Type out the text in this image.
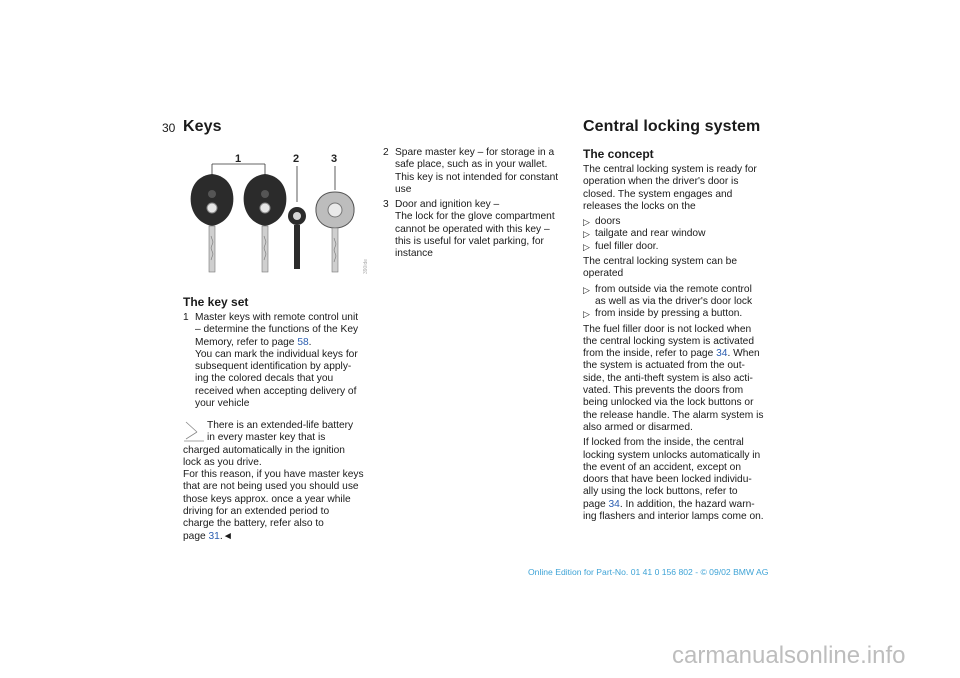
30 Keys
1	2	3
390ide
The key set
1 Master keys with remote control unit
– determine the functions of the Key
Memory, refer to page 58.
You can mark the individual keys for
subsequent identification by apply-
ing the colored decals that you
received when accepting delivery of
your vehicle
There is an extended-life battery
in every master key that is
charged automatically in the ignition
lock as you drive.
For this reason, if you have master keys
that are not being used you should use
those keys approx. once a year while
driving for an extended period to
charge the battery, refer also to
page 31.◄
2 Spare master key – for storage in a
safe place, such as in your wallet.
This key is not intended for constant
use
3 Door and ignition key –
The lock for the glove compartment
cannot be operated with this key –
this is useful for valet parking, for
instance
Central locking system
The concept
The central locking system is ready for
operation when the driver's door is
closed. The system engages and
releases the locks on the
▷ doors
▷ tailgate and rear window
▷ fuel filler door.
The central locking system can be
operated
▷ from outside via the remote control
as well as via the driver's door lock
▷ from inside by pressing a button.
The fuel filler door is not locked when
the central locking system is activated
from the inside, refer to page 34. When
the system is actuated from the out-
side, the anti-theft system is also acti-
vated. This prevents the doors from
being unlocked via the lock buttons or
the release handle. The alarm system is
also armed or disarmed.
If locked from the inside, the central
locking system unlocks automatically in
the event of an accident, except on
doors that have been locked individu-
ally using the lock buttons, refer to
page 34. In addition, the hazard warn-
ing flashers and interior lamps come on.
Online Edition for Part-No. 01 41 0 156 802 - © 09/02 BMW AG
carmanualsonline.info
